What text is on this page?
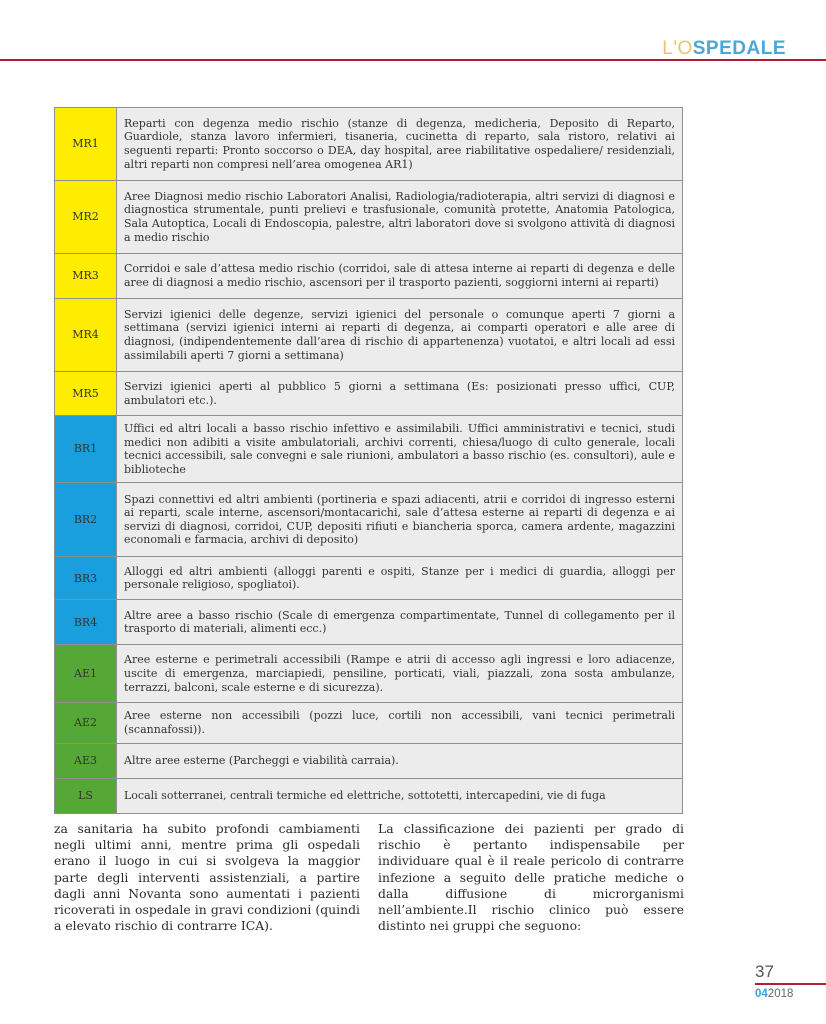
L'OSPEDALE
MR1	Reparti con degenza medio rischio (stanze di degenza, medicheria, Deposito di Reparto, Guardiole, stanza lavoro infermieri, tisaneria, cucinetta di reparto, sala ristoro, relativi ai seguenti reparti: Pronto soccorso o DEA, day hospital, aree riabilitative ospedaliere/ residenziali, altri reparti non compresi nell’area omogenea AR1)
MR2	Aree Diagnosi medio rischio Laboratori Analisi, Radiologia/radioterapia, altri servizi di diagnosi e diagnostica strumentale, punti prelievi e trasfusionale, comunità protette, Anatomia Patologica, Sala Autoptica, Locali di Endoscopia, palestre, altri laboratori dove si svolgono attività di diagnosi a medio rischio
MR3	Corridoi e sale d’attesa medio rischio (corridoi, sale di attesa interne ai reparti di degenza e delle aree di diagnosi a medio rischio, ascensori per il trasporto pazienti, soggiorni interni ai reparti)
MR4	Servizi igienici delle degenze, servizi igienici del personale o comunque aperti 7 giorni a settimana (servizi igienici interni ai reparti di degenza, ai comparti operatori e alle aree di diagnosi, (indipendentemente dall’area di rischio di appartenenza) vuotatoi, e altri locali ad essi assimilabili aperti 7 giorni a settimana)
MR5	Servizi igienici aperti al pubblico 5 giorni a settimana (Es: posizionati presso uffici, CUP, ambulatori etc.).
BR1	Uffici ed altri locali a basso rischio infettivo e assimilabili. Uffici amministrativi e tecnici, studi medici non adibiti a visite ambulatoriali, archivi correnti, chiesa/luogo di culto generale, locali tecnici accessibili, sale convegni e sale riunioni, ambulatori a basso rischio (es. consultori), aule e biblioteche
BR2	Spazi connettivi ed altri ambienti (portineria e spazi adiacenti, atrii e corridoi di ingresso esterni ai reparti, scale interne, ascensori/montacarichi, sale d’attesa esterne ai reparti di degenza e ai servizi di diagnosi, corridoi, CUP, depositi rifiuti e biancheria sporca, camera ardente, magazzini economali e farmacia, archivi di deposito)
BR3	Alloggi ed altri ambienti (alloggi parenti e ospiti, Stanze per i medici di guardia, alloggi per personale religioso, spogliatoi).
BR4	Altre aree a basso rischio (Scale di emergenza compartimentate, Tunnel di collegamento per il trasporto di materiali, alimenti ecc.)
AE1	Aree esterne e perimetrali accessibili (Rampe e atrii di accesso agli ingressi e loro adiacenze, uscite di emergenza, marciapiedi, pensiline, porticati, viali, piazzali, zona sosta ambulanze, terrazzi, balconi, scale esterne e di sicurezza).
AE2	Aree esterne non accessibili (pozzi luce, cortili non accessibili, vani tecnici perimetrali (scannafossi)).
AE3	Altre aree esterne (Parcheggi e viabilità carraia).
LS	Locali sotterranei, centrali termiche ed elettriche, sottotetti, intercapedini, vie di fuga

za sanitaria ha subito profondi cambiamenti negli ultimi anni, mentre prima gli ospedali erano il luogo in cui si svolgeva la maggior parte degli interventi assistenziali, a partire dagli anni Novanta sono aumentati i pazienti ricoverati in ospedale in gravi condizioni (quindi a elevato rischio di contrarre ICA).

La classificazione dei pazienti per grado di rischio è pertanto indispensabile per individuare qual è il reale pericolo di contrarre infezione a seguito delle pratiche mediche o dalla diffusione di microrganismi nell’ambiente.Il rischio clinico può essere distinto nei gruppi che seguono:

37
042018
